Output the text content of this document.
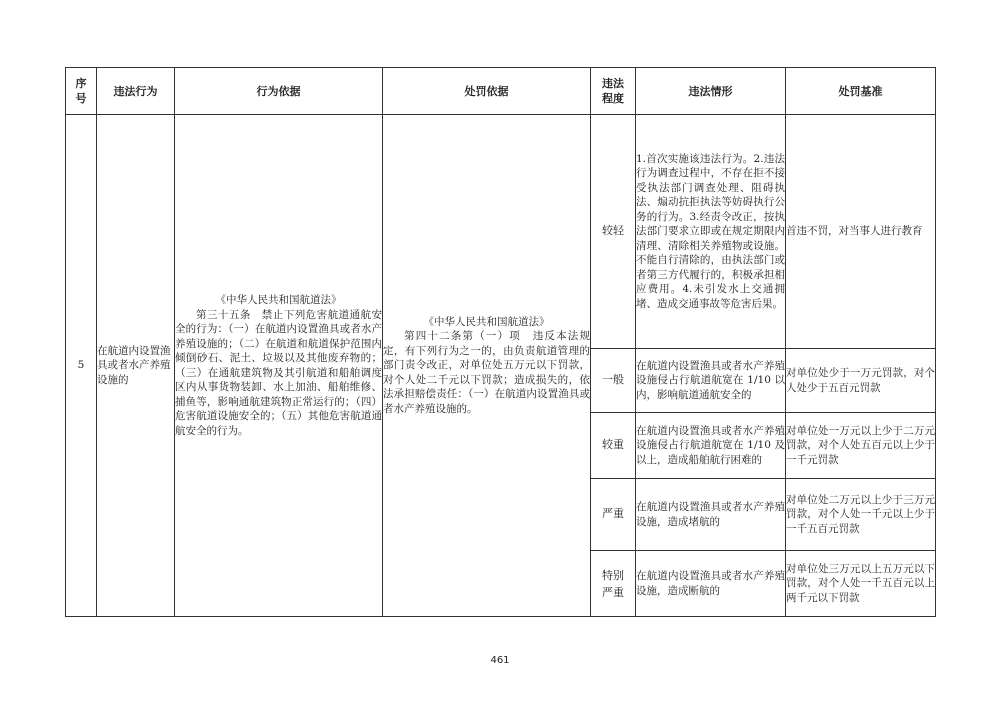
序号	违法行为	行为依据	处罚依据	违法程度	违法情形	处罚基准

5	在航道内设置渔具或者水产养殖设施的	《中华人民共和国航道法》
第三十五条　禁止下列危害航道通航安全的行为：（一）在航道内设置渔具或者水产养殖设施的；（二）在航道和航道保护范围内倾倒砂石、泥土、垃圾以及其他废弃物的；（三）在通航建筑物及其引航道和船舶调度区内从事货物装卸、水上加油、船舶维修、捕鱼等，影响通航建筑物正常运行的；（四）危害航道设施安全的；（五）其他危害航道通航安全的行为。	《中华人民共和国航道法》
第四十二条第（一）项　违反本法规定，有下列行为之一的，由负责航道管理的部门责令改正，对单位处五万元以下罚款，对个人处二千元以下罚款；造成损失的，依法承担赔偿责任：（一）在航道内设置渔具或者水产养殖设施的。	较轻	1.首次实施该违法行为。2.违法行为调查过程中，不存在拒不接受执法部门调查处理、阻碍执法、煽动抗拒执法等妨碍执行公务的行为。3.经责令改正，按执法部门要求立即或在规定期限内清理、清除相关养殖物或设施。不能自行清除的，由执法部门或者第三方代履行的，积极承担相应费用。4.未引发水上交通拥堵、造成交通事故等危害后果。	首违不罚，对当事人进行教育
				一般	在航道内设置渔具或者水产养殖设施侵占行航道航宽在 1/10 以内，影响航道通航安全的	对单位处少于一万元罚款，对个人处少于五百元罚款
				较重	在航道内设置渔具或者水产养殖设施侵占行航道航宽在 1/10 及以上，造成船舶航行困难的	对单位处一万元以上少于二万元罚款，对个人处五百元以上少于一千元罚款
				严重	在航道内设置渔具或者水产养殖设施，造成堵航的	对单位处二万元以上少于三万元罚款，对个人处一千元以上少于一千五百元罚款

				特别严重	在航道内设置渔具或者水产养殖设施，造成断航的	对单位处三万元以上五万元以下罚款，对个人处一千五百元以上两千元以下罚款
461
